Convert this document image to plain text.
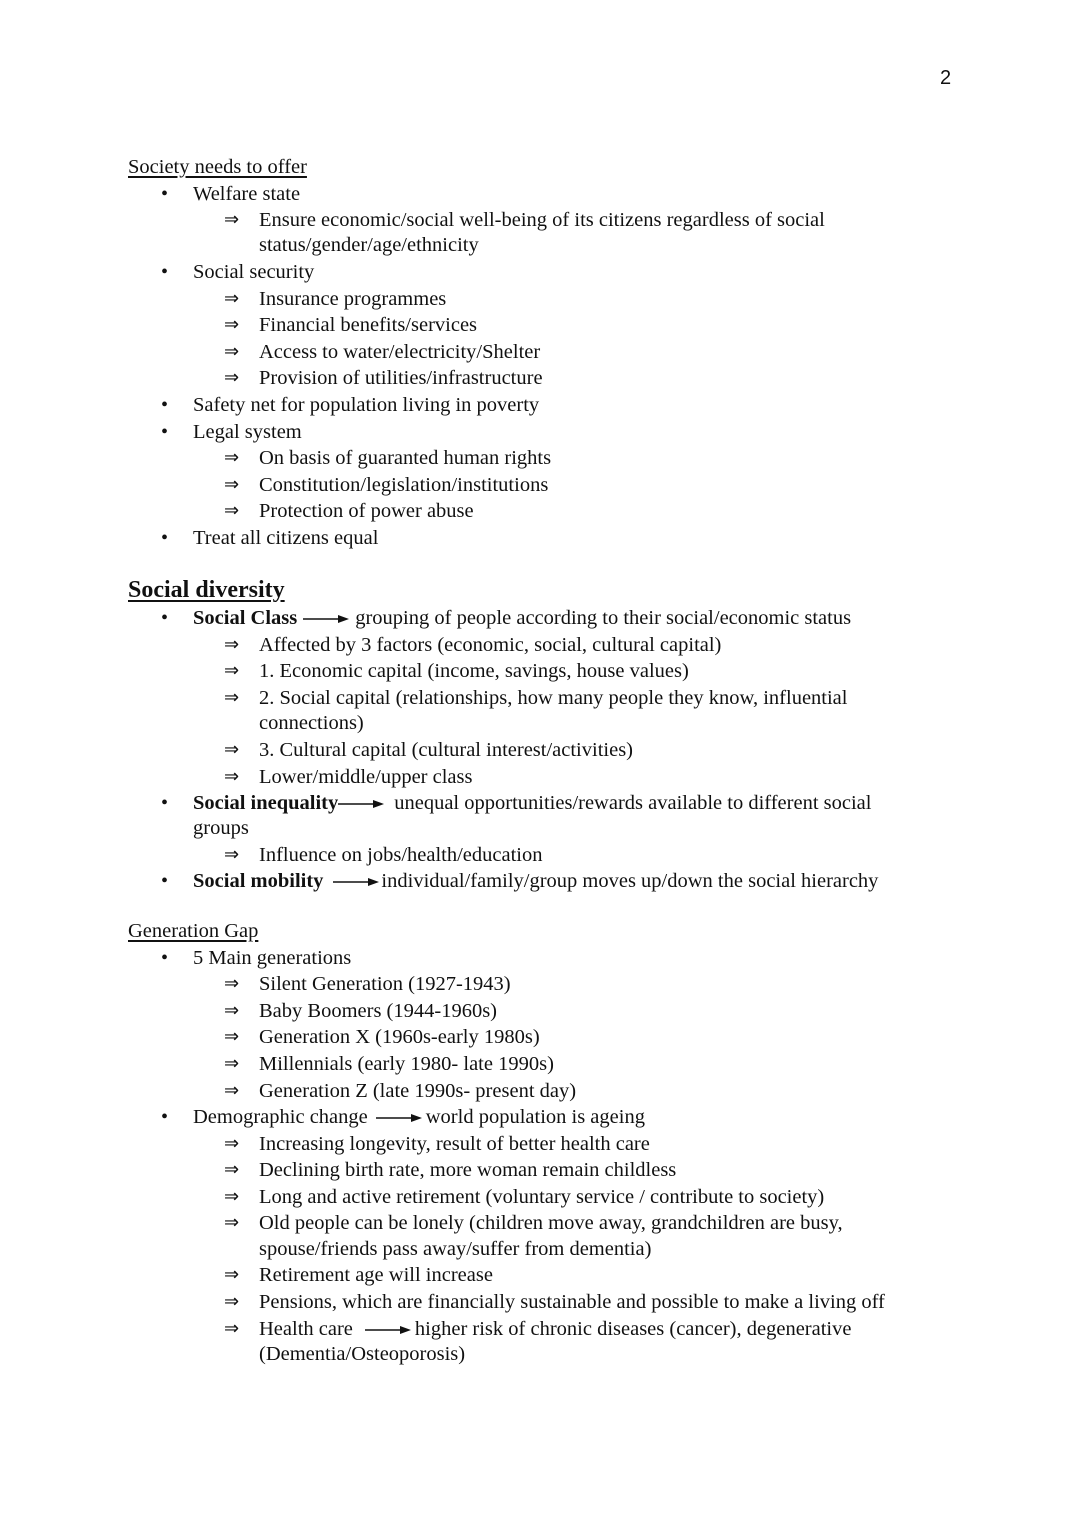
2
Society needs to offer
• Welfare state
⇒ Ensure economic/social well-being of its citizens regardless of social
status/gender/age/ethnicity
• Social security
⇒ Insurance programmes
⇒ Financial benefits/services
⇒ Access to water/electricity/Shelter
⇒ Provision of utilities/infrastructure
• Safety net for population living in poverty
• Legal system
⇒ On basis of guaranted human rights
⇒ Constitution/legislation/institutions
⇒ Protection of power abuse
• Treat all citizens equal
Social diversity
• Social Class	grouping of people according to their social/economic status
⇒ Affected by 3 factors (economic, social, cultural capital)
⇒ 1. Economic capital (income, savings, house values)
⇒ 2. Social capital (relationships, how many people they know, influential
connections)
⇒ 3. Cultural capital (cultural interest/activities)
⇒ Lower/middle/upper class
• Social inequality	unequal opportunities/rewards available to different social
groups
⇒ Influence on jobs/health/education
• Social mobility	individual/family/group moves up/down the social hierarchy
Generation Gap
• 5 Main generations
⇒ Silent Generation (1927-1943)
⇒ Baby Boomers (1944-1960s)
⇒ Generation X (1960s-early 1980s)
⇒ Millennials (early 1980- late 1990s)
⇒ Generation Z (late 1990s- present day)
• Demographic change	world population is ageing
⇒ Increasing longevity, result of better health care
⇒ Declining birth rate, more woman remain childless
⇒ Long and active retirement (voluntary service / contribute to society)
⇒ Old people can be lonely (children move away, grandchildren are busy,
spouse/friends pass away/suffer from dementia)
⇒ Retirement age will increase
⇒ Pensions, which are financially sustainable and possible to make a living off
⇒ Health care	higher risk of chronic diseases (cancer), degenerative
(Dementia/Osteoporosis)
